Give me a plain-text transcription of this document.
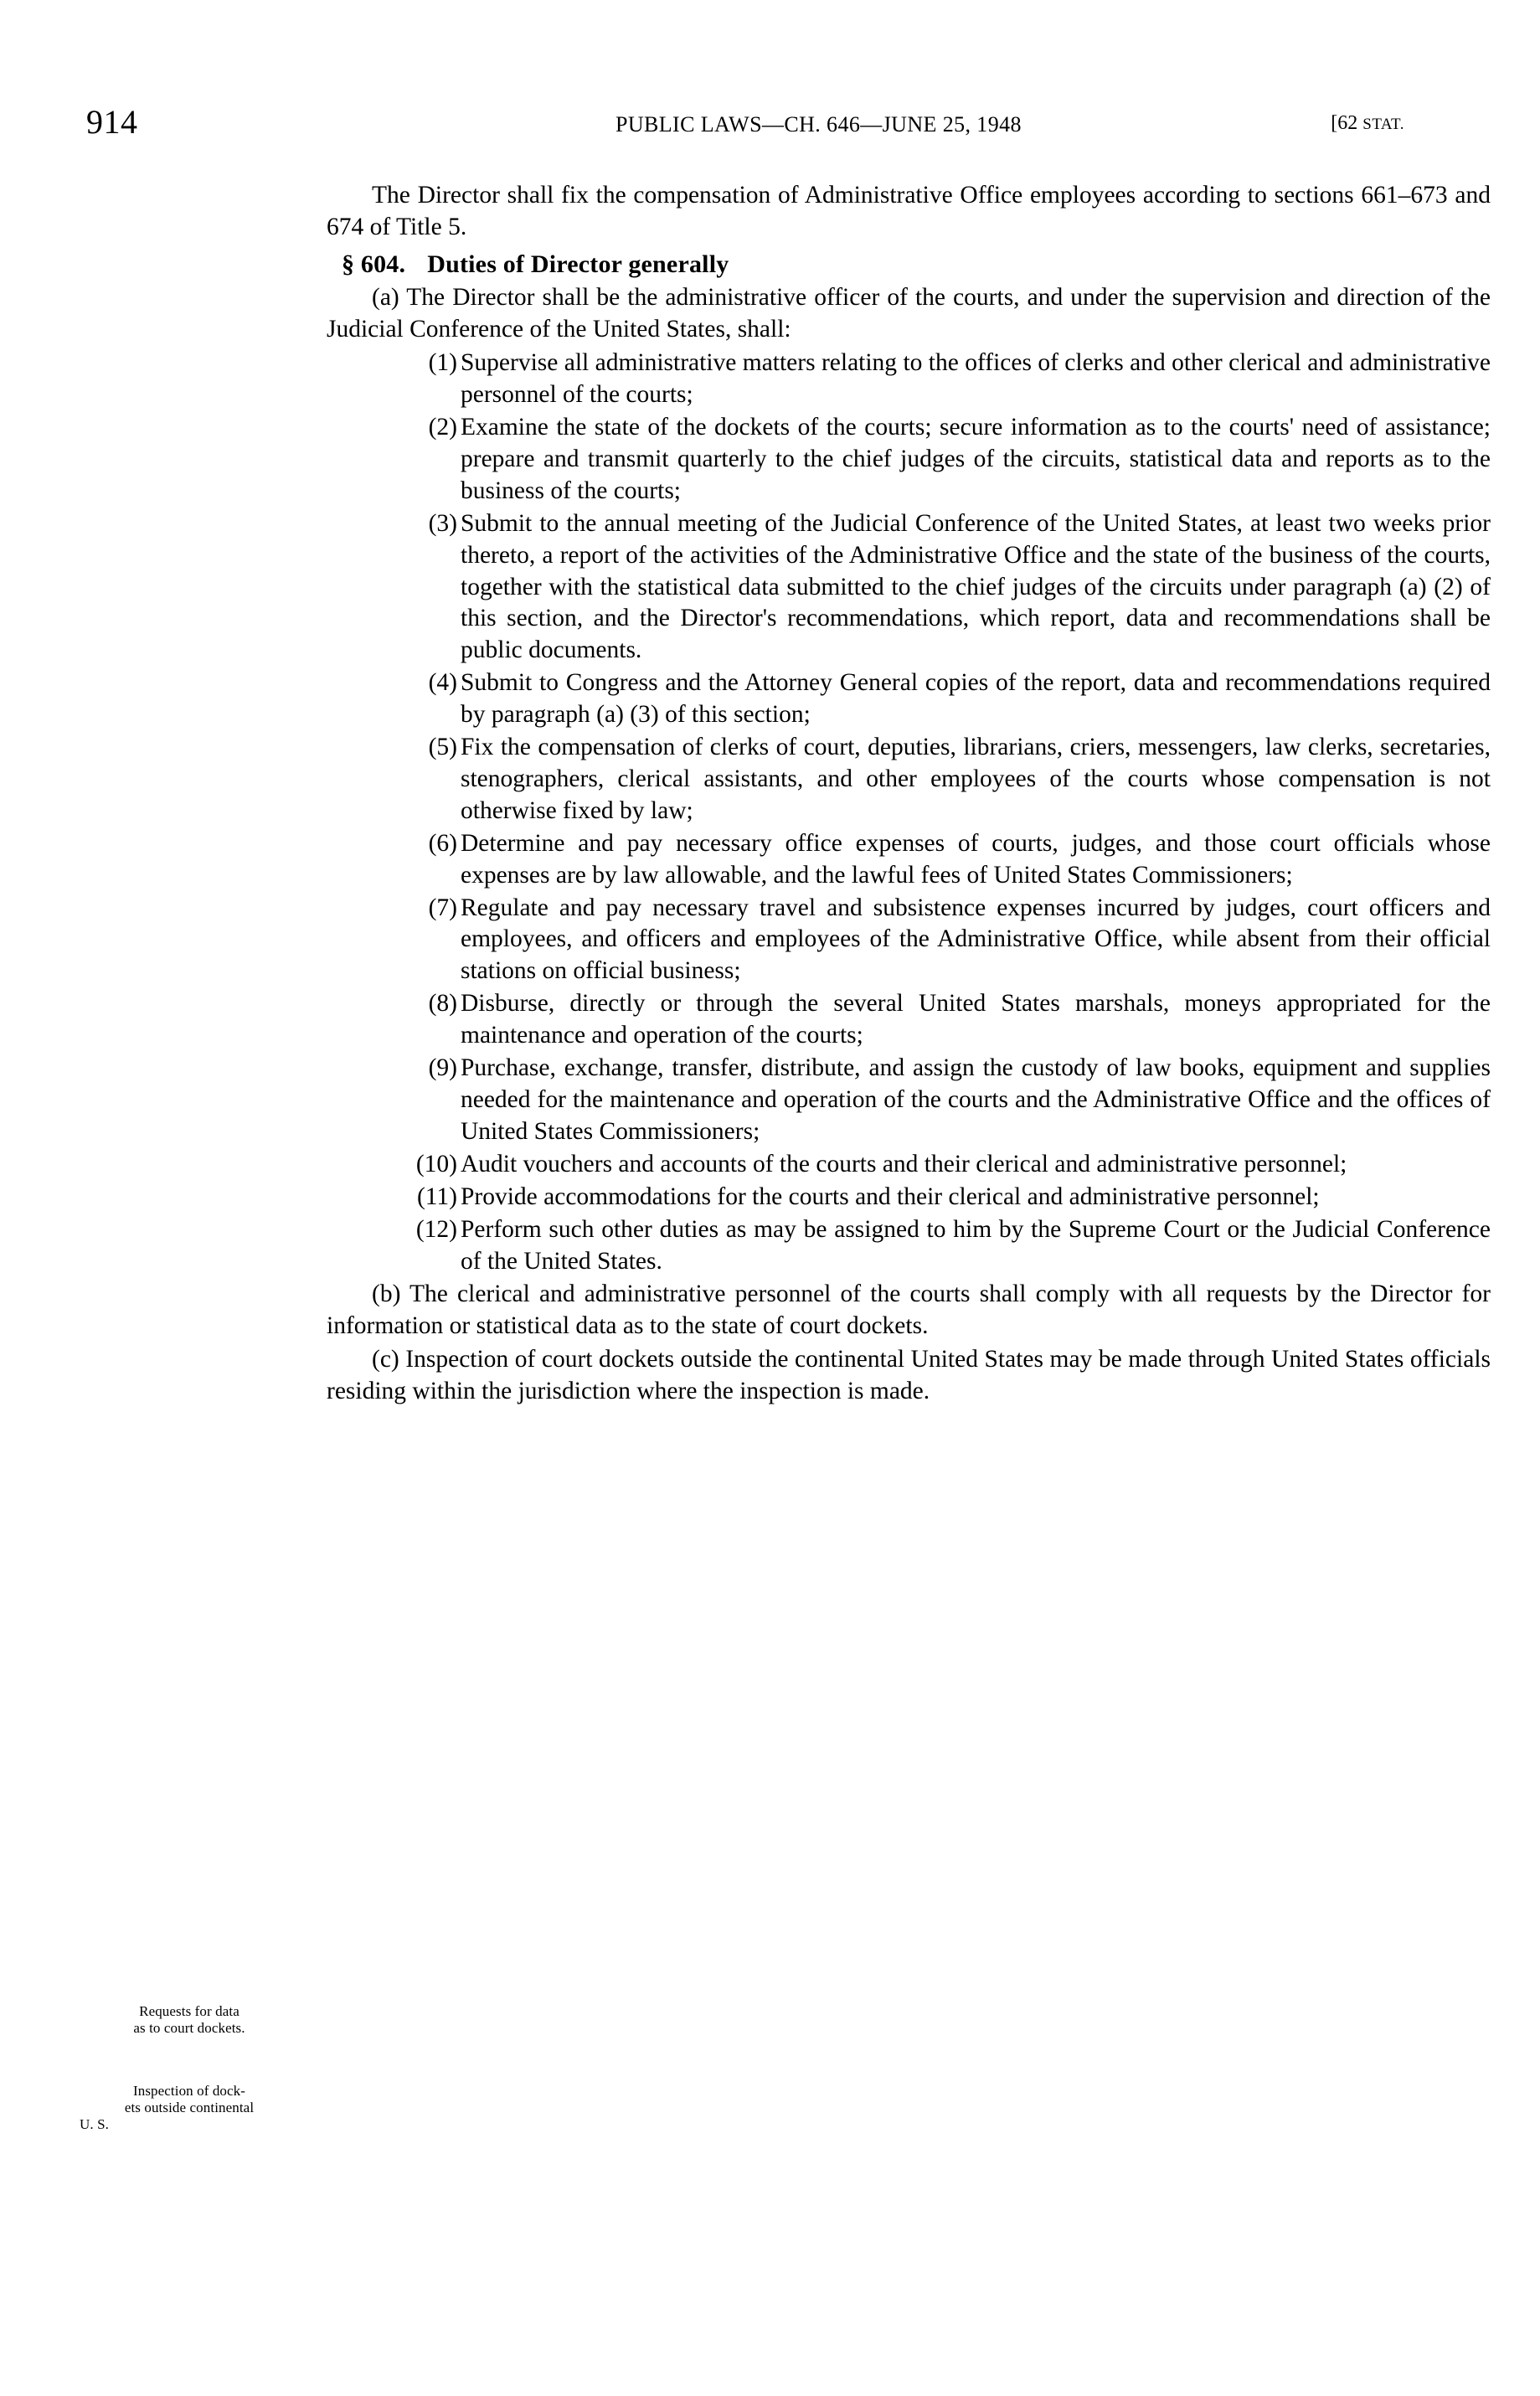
914	PUBLIC LAWS—CH. 646—JUNE 25, 1948	[62 STAT.

The Director shall fix the compensation of Administrative Office employees according to sections 661–673 and 674 of Title 5.

§ 604. Duties of Director generally

(a) The Director shall be the administrative officer of the courts, and under the supervision and direction of the Judicial Conference of the United States, shall:

(1) Supervise all administrative matters relating to the offices of clerks and other clerical and administrative personnel of the courts;
(2) Examine the state of the dockets of the courts; secure information as to the courts' need of assistance; prepare and transmit quarterly to the chief judges of the circuits, statistical data and reports as to the business of the courts;
(3) Submit to the annual meeting of the Judicial Conference of the United States, at least two weeks prior thereto, a report of the activities of the Administrative Office and the state of the business of the courts, together with the statistical data submitted to the chief judges of the circuits under paragraph (a) (2) of this section, and the Director's recommendations, which report, data and recommendations shall be public documents.
(4) Submit to Congress and the Attorney General copies of the report, data and recommendations required by paragraph (a) (3) of this section;
(5) Fix the compensation of clerks of court, deputies, librarians, criers, messengers, law clerks, secretaries, stenographers, clerical assistants, and other employees of the courts whose compensation is not otherwise fixed by law;
(6) Determine and pay necessary office expenses of courts, judges, and those court officials whose expenses are by law allowable, and the lawful fees of United States Commissioners;
(7) Regulate and pay necessary travel and subsistence expenses incurred by judges, court officers and employees, and officers and employees of the Administrative Office, while absent from their official stations on official business;
(8) Disburse, directly or through the several United States marshals, moneys appropriated for the maintenance and operation of the courts;
(9) Purchase, exchange, transfer, distribute, and assign the custody of law books, equipment and supplies needed for the maintenance and operation of the courts and the Administrative Office and the offices of United States Commissioners;
(10) Audit vouchers and accounts of the courts and their clerical and administrative personnel;
(11) Provide accommodations for the courts and their clerical and administrative personnel;
(12) Perform such other duties as may be assigned to him by the Supreme Court or the Judicial Conference of the United States.

(b) The clerical and administrative personnel of the courts shall comply with all requests by the Director for information or statistical data as to the state of court dockets.

(c) Inspection of court dockets outside the continental United States may be made through United States officials residing within the jurisdiction where the inspection is made.

Requests for data
as to court dockets.
Inspection of dock-
ets outside continental
U. S.
